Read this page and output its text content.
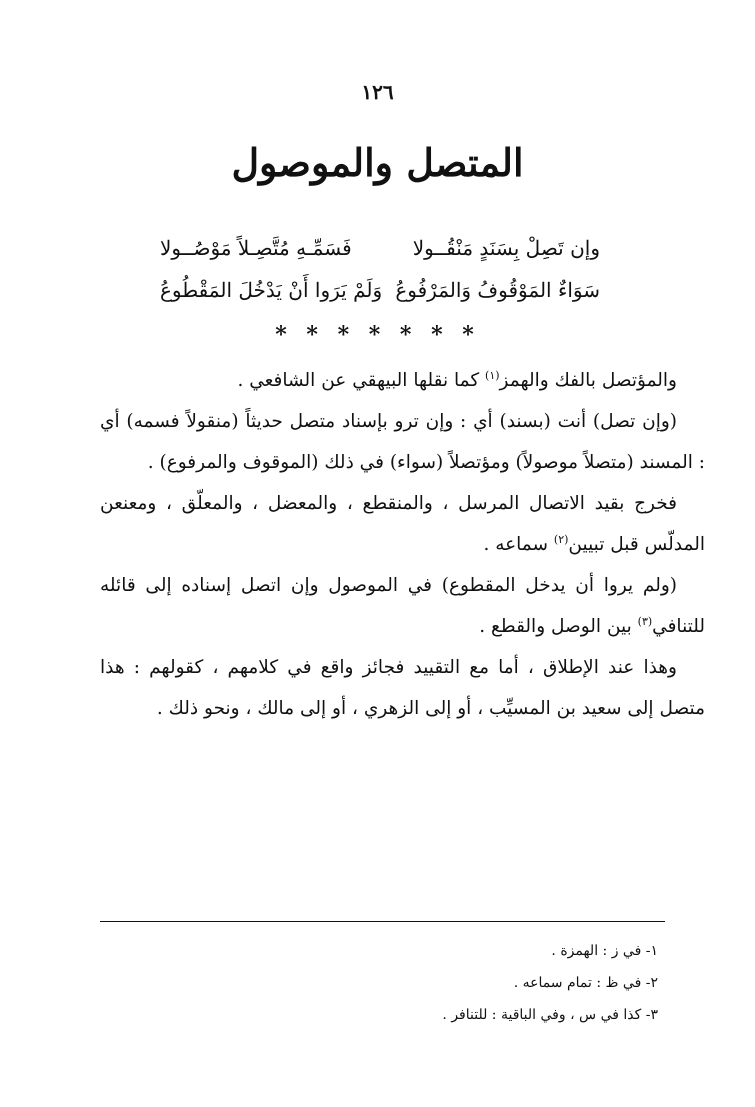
١٢٦
المتصل والموصول
وإن تَصِلْ بِسَنَدٍ مَنْقُــولا
فَسَمِّـهِ مُتَّصِـلاً مَوْصُــولا
سَوَاءٌ المَوْقُوفُ وَالمَرْفُوعُ
وَلَمْ يَرَوا أَنْ يَدْخُلَ المَقْطُوعُ
* * * * * * *

والمؤتصل بالفك والهمز$^{(١)}$ كما نقلها البيهقي عن الشافعي .

(وإن تصل) أنت (بسند) أي : وإن ترو بإسناد متصل حديثاً (منقولاً فسمه) أي : المسند (متصلاً موصولاً) ومؤتصلاً (سواء) في ذلك (الموقوف والمرفوع) .

فخرج بقيد الاتصال المرسل ، والمنقطع ، والمعضل ، والمعلّق ، ومعنعن المدلّس قبل تبيين$^{(٢)}$ سماعه .

(ولم يروا أن يدخل المقطوع) في الموصول وإن اتصل إسناده إلى قائله للتنافي$^{(٣)}$ بين الوصل والقطع .

وهذا عند الإطلاق ، أما مع التقييد فجائز واقع في كلامهم ، كقولهم : هذا متصل إلى سعيد بن المسيِّب ، أو إلى الزهري ، أو إلى مالك ، ونحو ذلك .

١- في ز : الهمزة .

٢- في ظ : تمام سماعه .

٣- كذا في س ، وفي الباقية : للتنافر .
